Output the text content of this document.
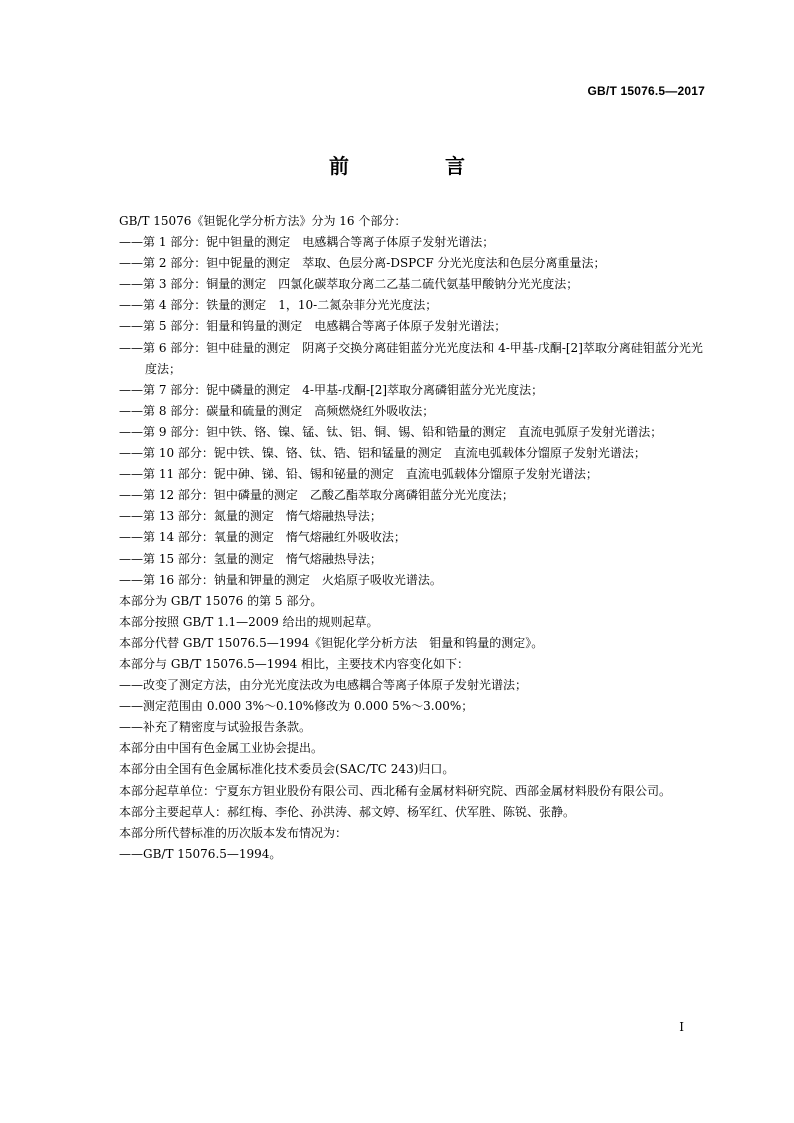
GB/T 15076.5—2017
前　言
GB/T 15076《钽铌化学分析方法》分为 16 个部分：
——第 1 部分：铌中钽量的测定　电感耦合等离子体原子发射光谱法；
——第 2 部分：钽中铌量的测定　萃取、色层分离-DSPCF 分光光度法和色层分离重量法；
——第 3 部分：铜量的测定　四氯化碳萃取分离二乙基二硫代氨基甲酸钠分光光度法；
——第 4 部分：铁量的测定　1，10-二氮杂菲分光光度法；
——第 5 部分：钼量和钨量的测定　电感耦合等离子体原子发射光谱法；
——第 6 部分：钽中硅量的测定　阴离子交换分离硅钼蓝分光光度法和 4-甲基-戊酮-[2]萃取分离硅钼蓝分光光度法；
——第 7 部分：铌中磷量的测定　4-甲基-戊酮-[2]萃取分离磷钼蓝分光光度法；
——第 8 部分：碳量和硫量的测定　高频燃烧红外吸收法；
——第 9 部分：钽中铁、铬、镍、锰、钛、铝、铜、锡、铅和锆量的测定　直流电弧原子发射光谱法；
——第 10 部分：铌中铁、镍、铬、钛、锆、铝和锰量的测定　直流电弧载体分馏原子发射光谱法；
——第 11 部分：铌中砷、锑、铅、锡和铋量的测定　直流电弧载体分馏原子发射光谱法；
——第 12 部分：钽中磷量的测定　乙酸乙酯萃取分离磷钼蓝分光光度法；
——第 13 部分：氮量的测定　惰气熔融热导法；
——第 14 部分：氧量的测定　惰气熔融红外吸收法；
——第 15 部分：氢量的测定　惰气熔融热导法；
——第 16 部分：钠量和钾量的测定　火焰原子吸收光谱法。
本部分为 GB/T 15076 的第 5 部分。
本部分按照 GB/T 1.1—2009 给出的规则起草。
本部分代替 GB/T 15076.5—1994《钽铌化学分析方法　钼量和钨量的测定》。
本部分与 GB/T 15076.5—1994 相比，主要技术内容变化如下：
——改变了测定方法，由分光光度法改为电感耦合等离子体原子发射光谱法；
——测定范围由 0.000 3%～0.10%修改为 0.000 5%～3.00%；
——补充了精密度与试验报告条款。
本部分由中国有色金属工业协会提出。
本部分由全国有色金属标准化技术委员会(SAC/TC 243)归口。
本部分起草单位：宁夏东方钽业股份有限公司、西北稀有金属材料研究院、西部金属材料股份有限公司。
本部分主要起草人：郝红梅、李伦、孙洪涛、郝文婷、杨军红、伏军胜、陈锐、张静。
本部分所代替标准的历次版本发布情况为：
——GB/T 15076.5—1994。
I
